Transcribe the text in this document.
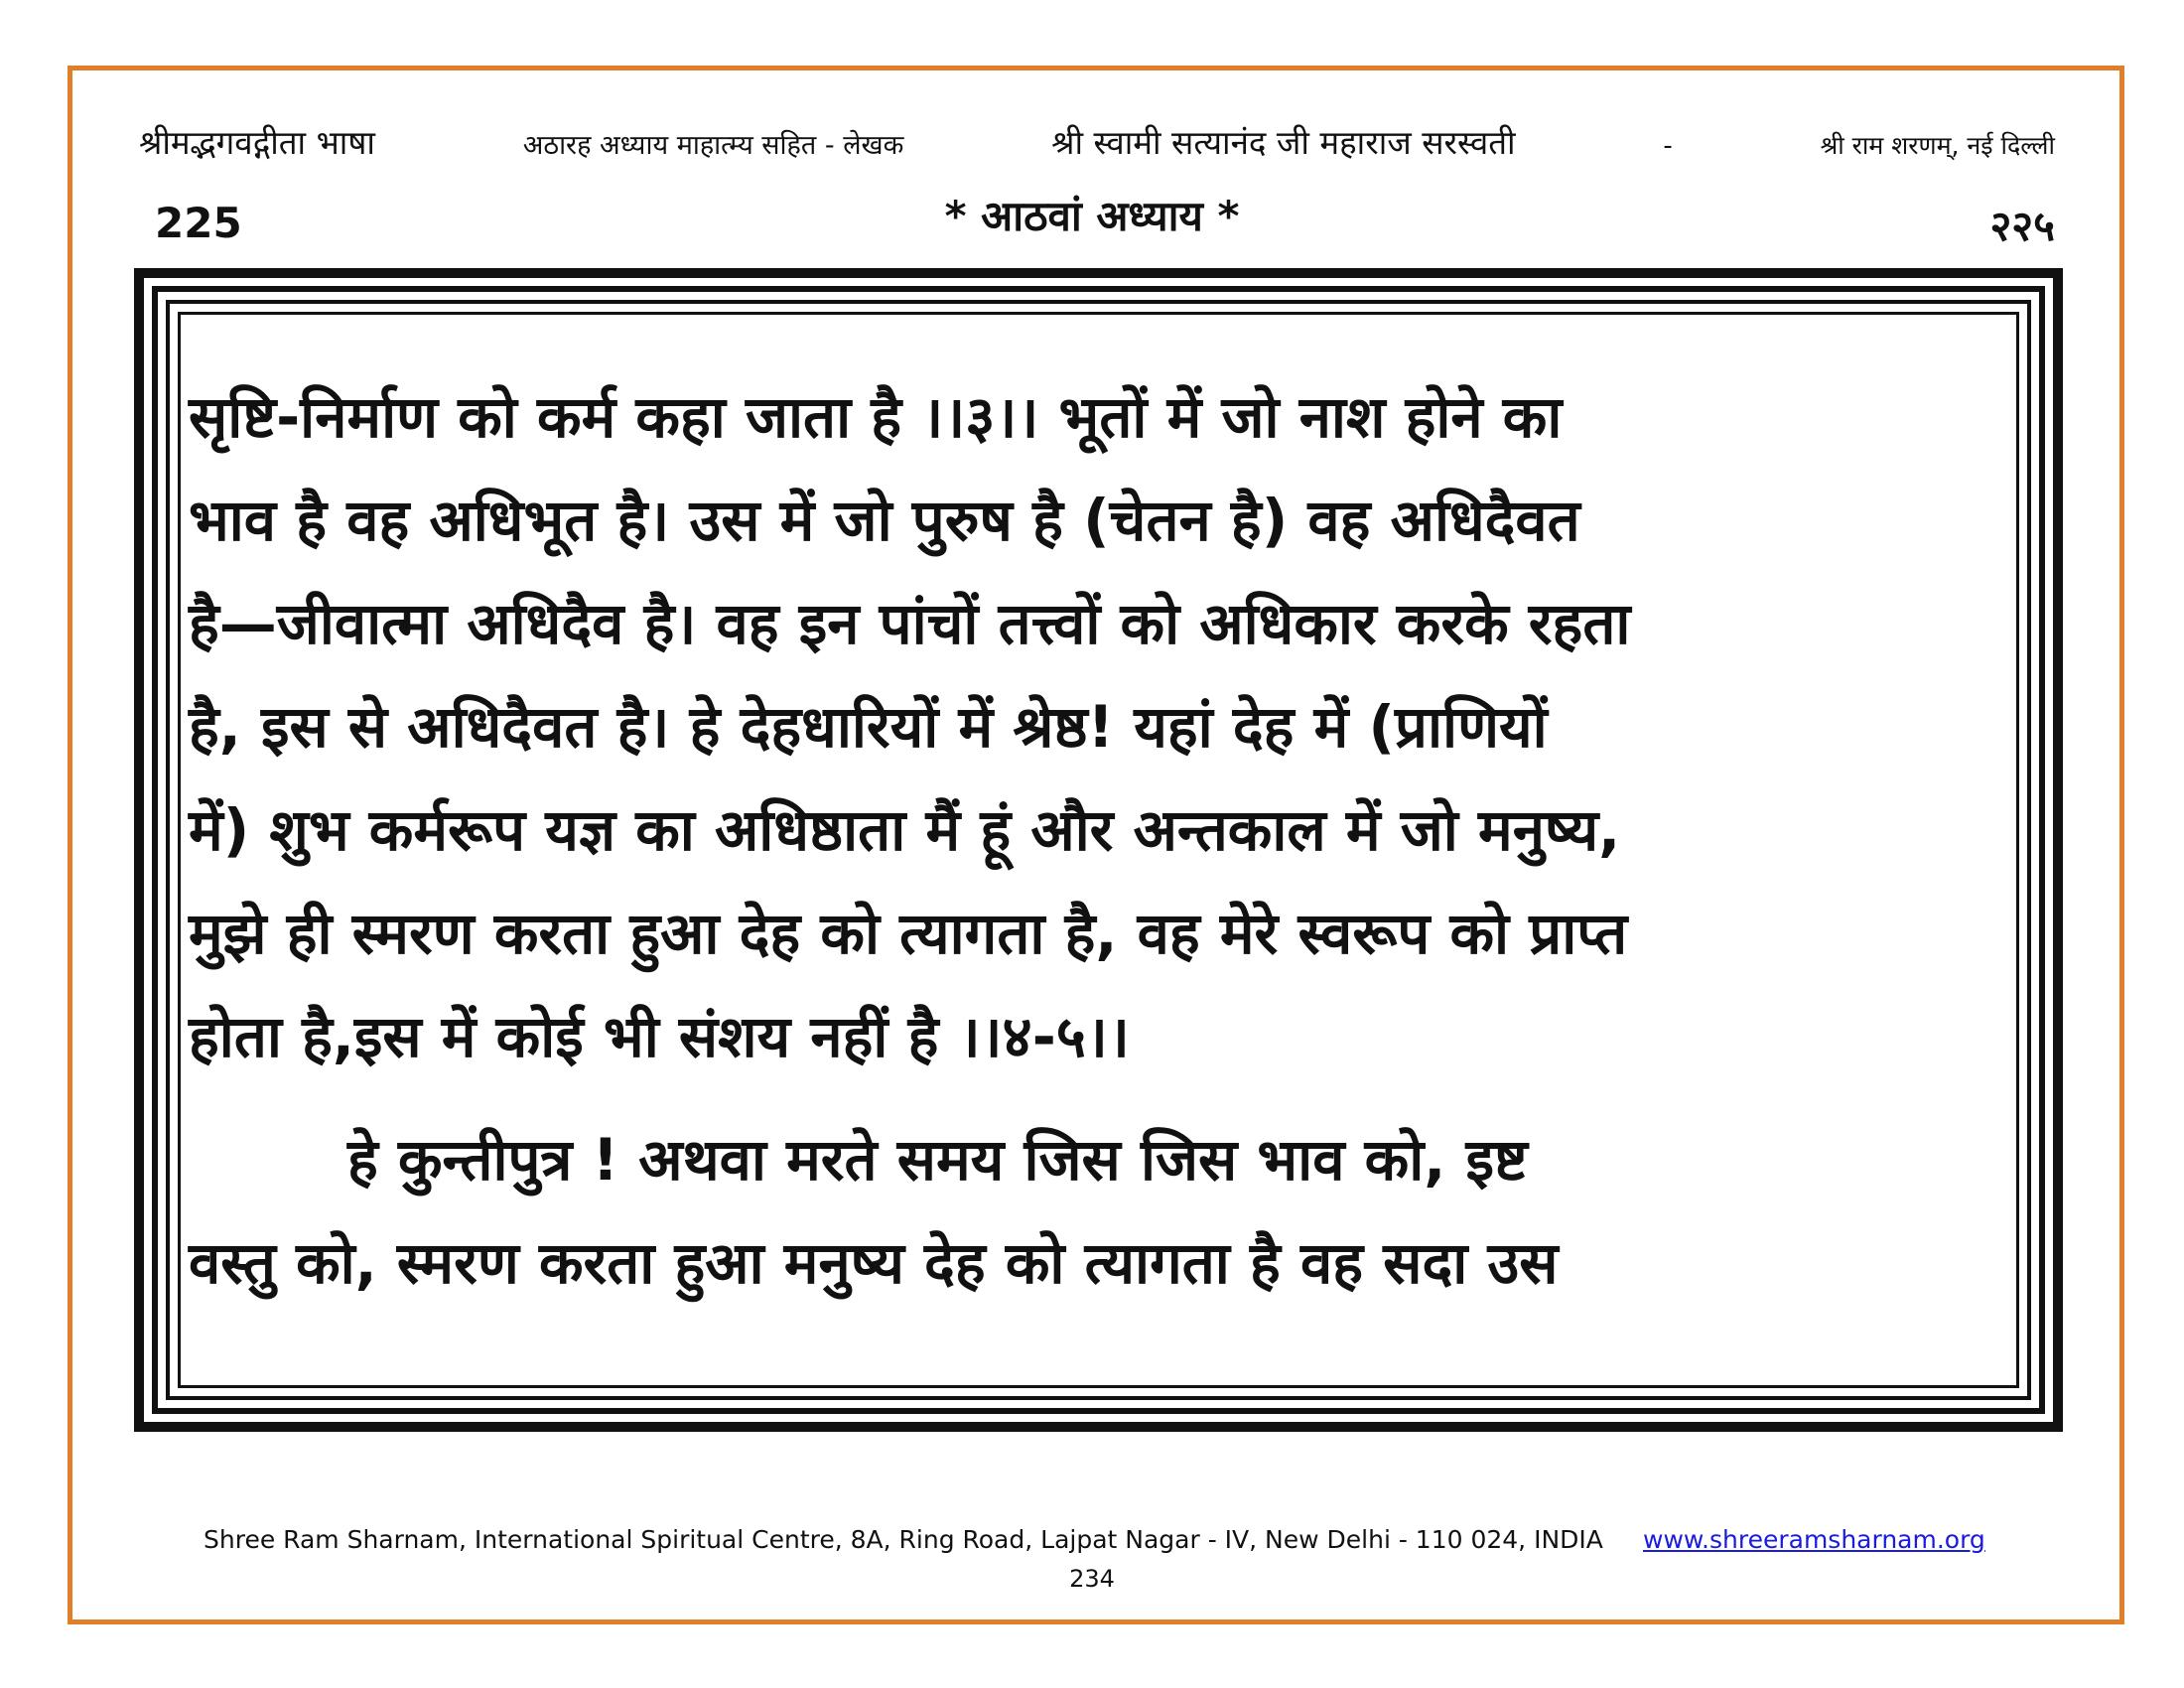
श्रीमद्भगवद्गीता भाषा	अठारह अध्याय माहात्म्य सहित - लेखक	श्री स्वामी सत्यानंद जी महाराज सरस्वती	-	श्री राम शरणम्, नई दिल्ली
225	* आठवां अध्याय *	२२५
सृष्टि-निर्माण को कर्म कहा जाता है ।।३।। भूतों में जो नाश होने का
भाव है वह अधिभूत है। उस में जो पुरुष है (चेतन है) वह अधिदैवत
है—जीवात्मा अधिदैव है। वह इन पांचों तत्त्वों को अधिकार करके रहता
है, इस से अधिदैवत है। हे देहधारियों में श्रेष्ठ! यहां देह में (प्राणियों
में) शुभ कर्मरूप यज्ञ का अधिष्ठाता मैं हूं और अन्तकाल में जो मनुष्य,
मुझे ही स्मरण करता हुआ देह को त्यागता है, वह मेरे स्वरूप को प्राप्त
होता है,इस में कोई भी संशय नहीं है ।।४-५।।
हे कुन्तीपुत्र ! अथवा मरते समय जिस जिस भाव को, इष्ट
वस्तु को, स्मरण करता हुआ मनुष्य देह को त्यागता है वह सदा उस
Shree Ram Sharnam, International Spiritual Centre, 8A, Ring Road, Lajpat Nagar - IV, New Delhi - 110 024, INDIA www.shreeramsharnam.org
234
